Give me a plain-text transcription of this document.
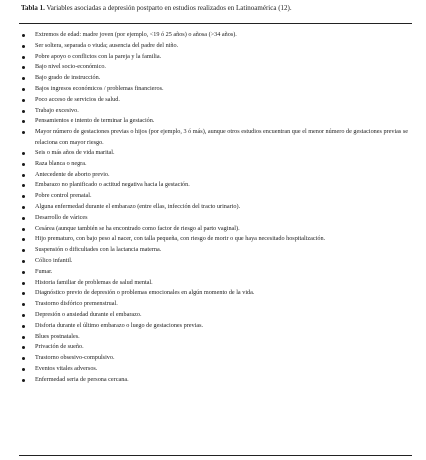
Tabla 1. Variables asociadas a depresión postparto en estudios realizados en Latinoamérica (12).
Extremos de edad: madre joven (por ejemplo, <19 ó 25 años) o añosa (>34 años).
Ser soltera, separada o viuda; ausencia del padre del niño.
Pobre apoyo o conflictos con la pareja y la familia.
Bajo nivel socio-económico.
Bajo grado de instrucción.
Bajos ingresos económicos / problemas financieros.
Poco acceso de servicios de salud.
Trabajo excesivo.
Pensamientos e intento de terminar la gestación.
Mayor número de gestaciones previas o hijos (por ejemplo, 3 ó más), aunque otros estudios encuentran que el menor número de gestaciones previas se relaciona con mayor riesgo.
Seis o más años de vida marital.
Raza blanca o negra.
Antecedente de aborto previo.
Embarazo no planificado o actitud negativa hacia la gestación.
Pobre control prenatal.
Alguna enfermedad durante el embarazo (entre ellas, infección del tracto urinario).
Desarrollo de várices
Cesárea (aunque también se ha encontrado como factor de riesgo al parto vaginal).
Hijo prematuro, con bajo peso al nacer, con talla pequeña, con riesgo de morir o que haya necesitado hospitalización.
Suspensión o dificultades con la lactancia materna.
Cólico infantil.
Fumar.
Historia familiar de problemas de salud mental.
Diagnóstico previo de depresión o problemas emocionales en algún momento de la vida.
Trastorno disfórico premenstrual.
Depresión o ansiedad durante el embarazo.
Disforia durante el último embarazo o luego de gestaciones previas.
Blues postnatales.
Privación de sueño.
Trastorno obsesivo-compulsivo.
Eventos vitales adversos.
Enfermedad seria de persona cercana.
